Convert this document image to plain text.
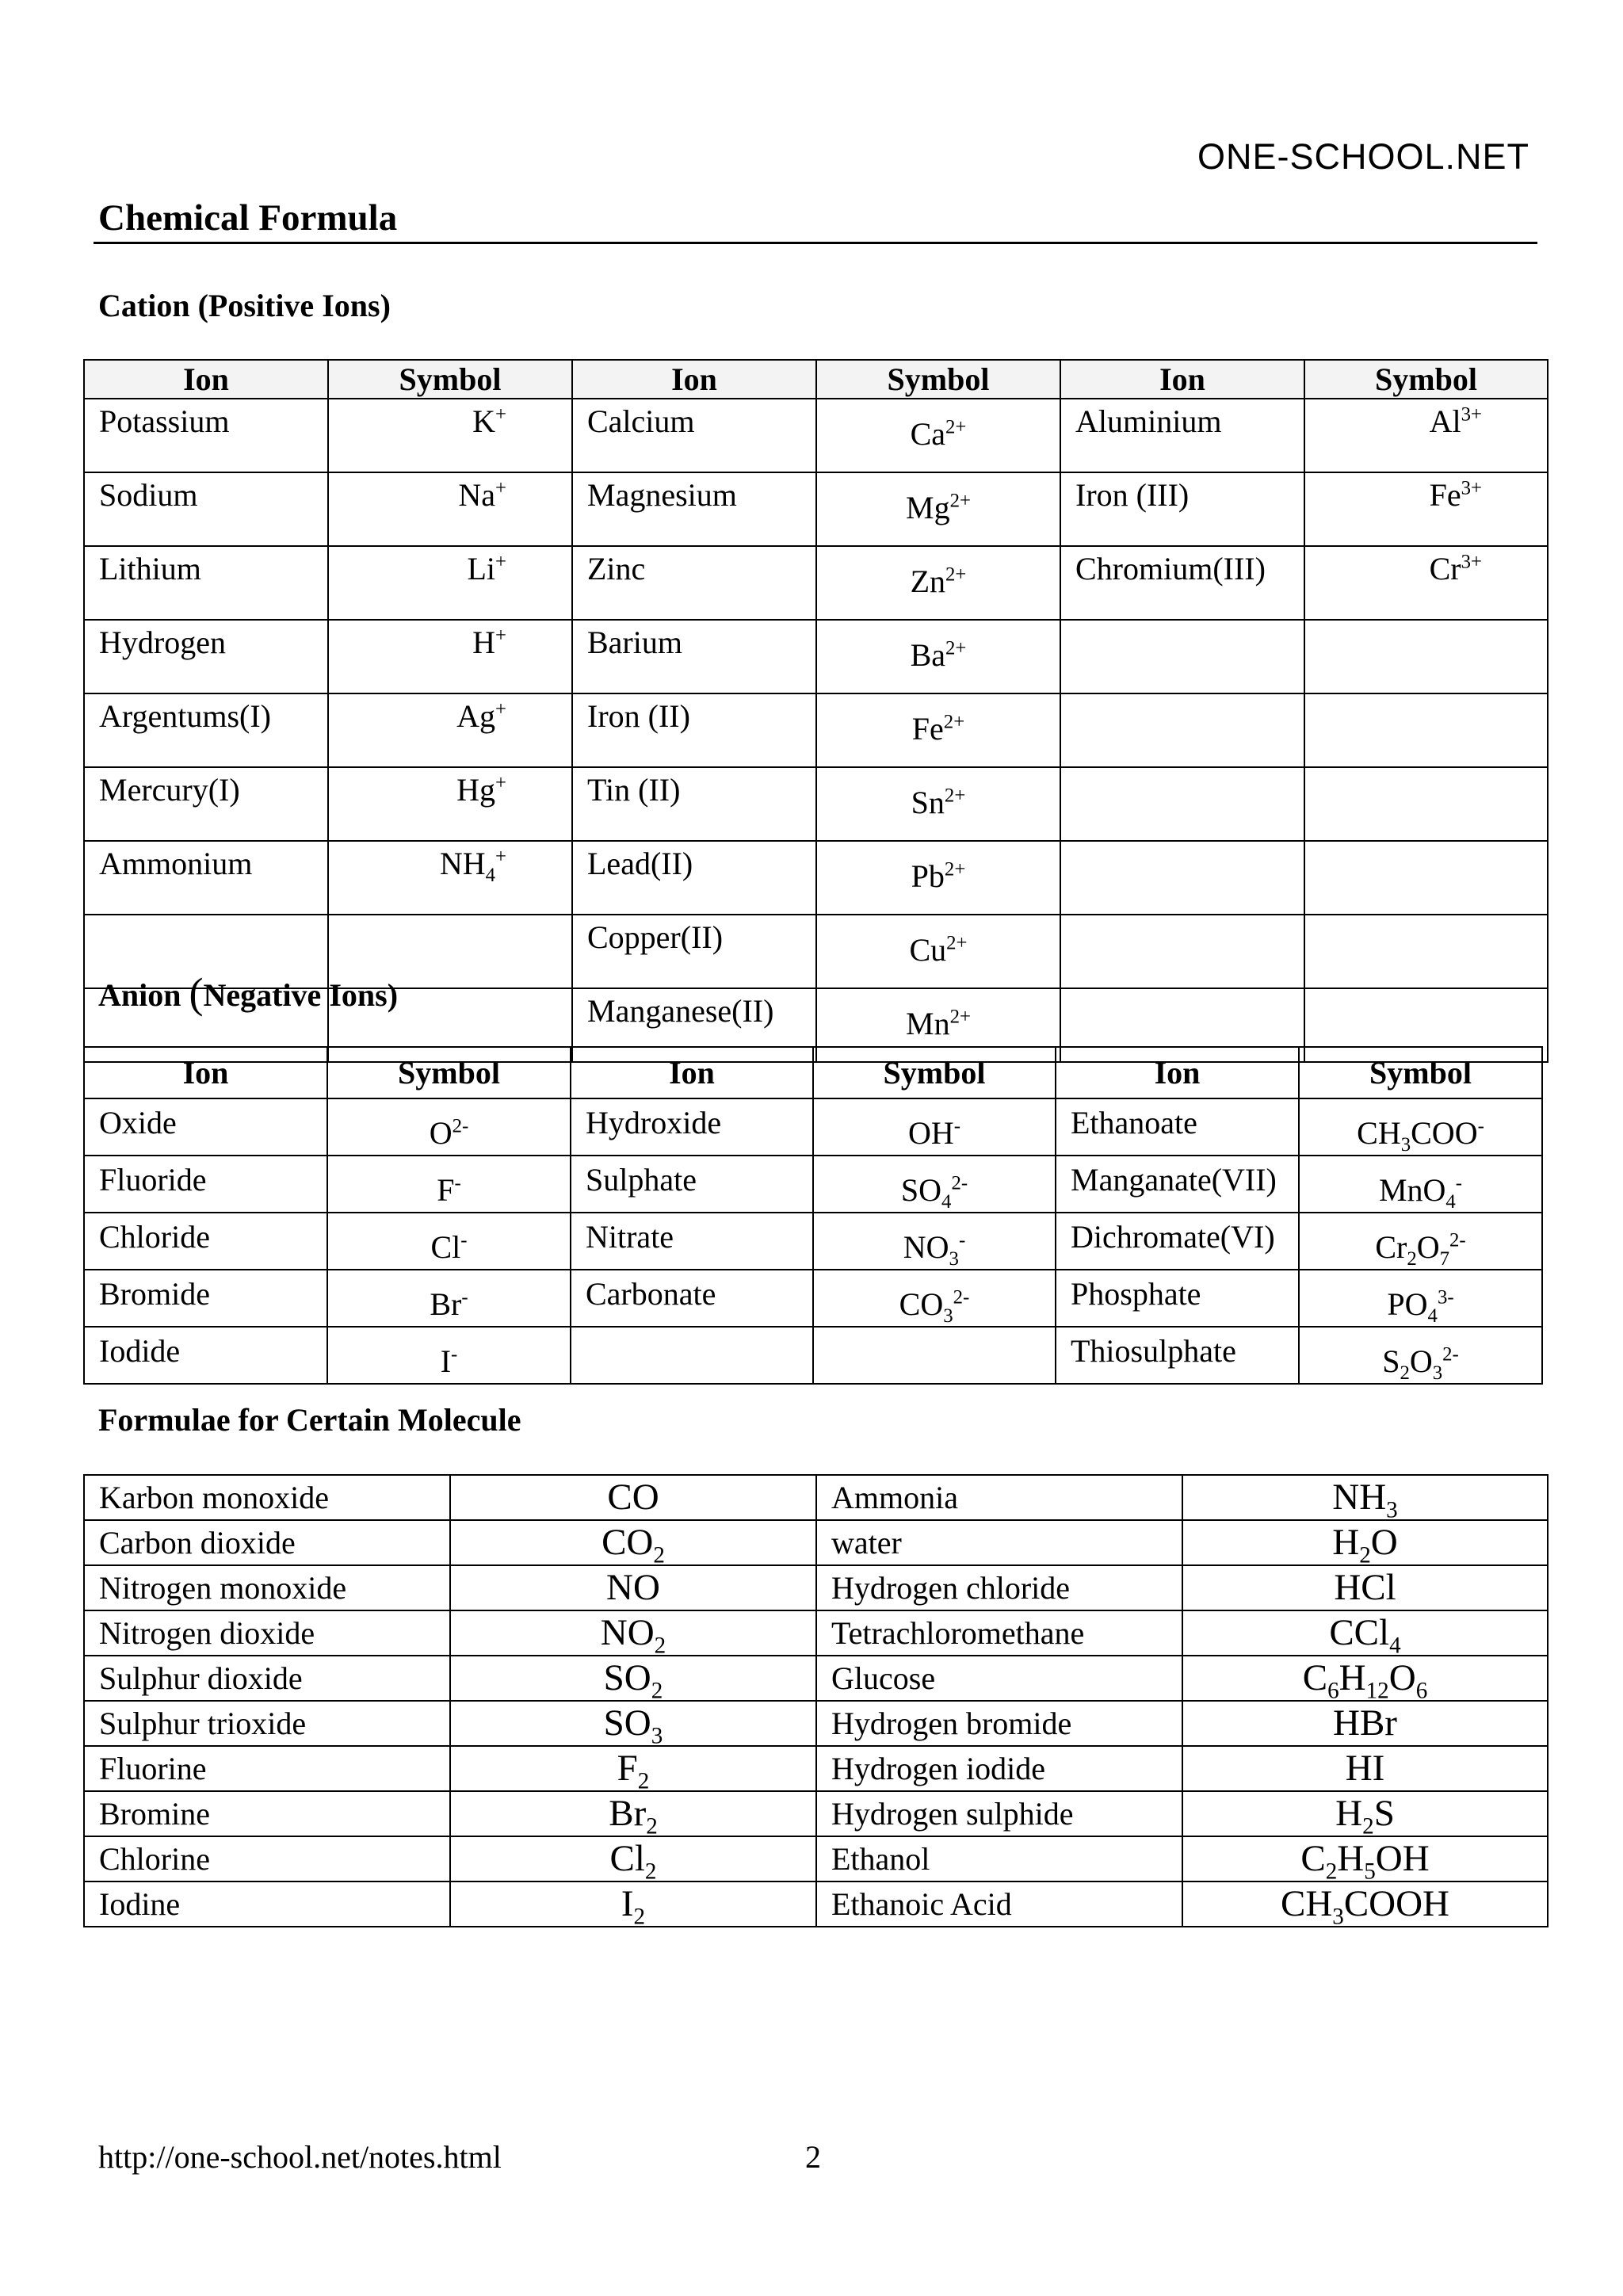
ONE-SCHOOL.NET
Chemical Formula
Cation (Positive Ions)
Ion	Symbol	Ion	Symbol	Ion	Symbol
Potassium	K+	Calcium	$Ca^{2+}$	Aluminium	$Al^{3+}$
Sodium	Na+	Magnesium	$Mg^{2+}$	Iron (III)	$Fe^{3+}$
Lithium	Li+	Zinc	$Zn^{2+}$	Chromium(III)	$Cr^{3+}$
Hydrogen	H+	Barium	$Ba^{2+}$		
Argentums(I)	Ag+	Iron (II)	$Fe^{2+}$		
Mercury(I)	Hg+	Tin (II)	$Sn^{2+}$		
Ammonium	$NH_4^+$	Lead(II)	$Pb^{2+}$		
		Copper(II)	$Cu^{2+}$		
		Manganese(II)	$Mn^{2+}$		
Anion (Negative Ions)
Ion	Symbol	Ion	Symbol	Ion	Symbol
Oxide	$O^{2-}$	Hydroxide	OH-	Ethanoate	$CH_3COO^-$
Fluoride	F-	Sulphate	$SO_4^{2-}$	Manganate(VII)	MnO$_4$-
Chloride	Cl-	Nitrate	$NO_3^-$	Dichromate(VI)	$Cr_2O_7^{2-}$
Bromide	Br-	Carbonate	$CO_3^{2-}$	Phosphate	$PO_4^{3-}$
Iodide	I-			Thiosulphate	$S_2O_3^{2-}$
Formulae for Certain Molecule
Karbon monoxide	CO	Ammonia	$NH_3$
Carbon dioxide	$CO_2$	water	$H_2O$
Nitrogen monoxide	NO	Hydrogen chloride	HCl
Nitrogen dioxide	$NO_2$	Tetrachloromethane	CCl$_4$
Sulphur dioxide	$SO_2$	Glucose	$C_6H_{12}O_6$
Sulphur trioxide	$SO_3$	Hydrogen bromide	HBr
Fluorine	$F_2$	Hydrogen iodide	HI
Bromine	$Br_2$	Hydrogen sulphide	$H_2S$
Chlorine	$Cl_2$	Ethanol	$C_2H_5OH$
Iodine	$I_2$	Ethanoic Acid	$CH_3COOH$
http://one-school.net/notes.html	2
